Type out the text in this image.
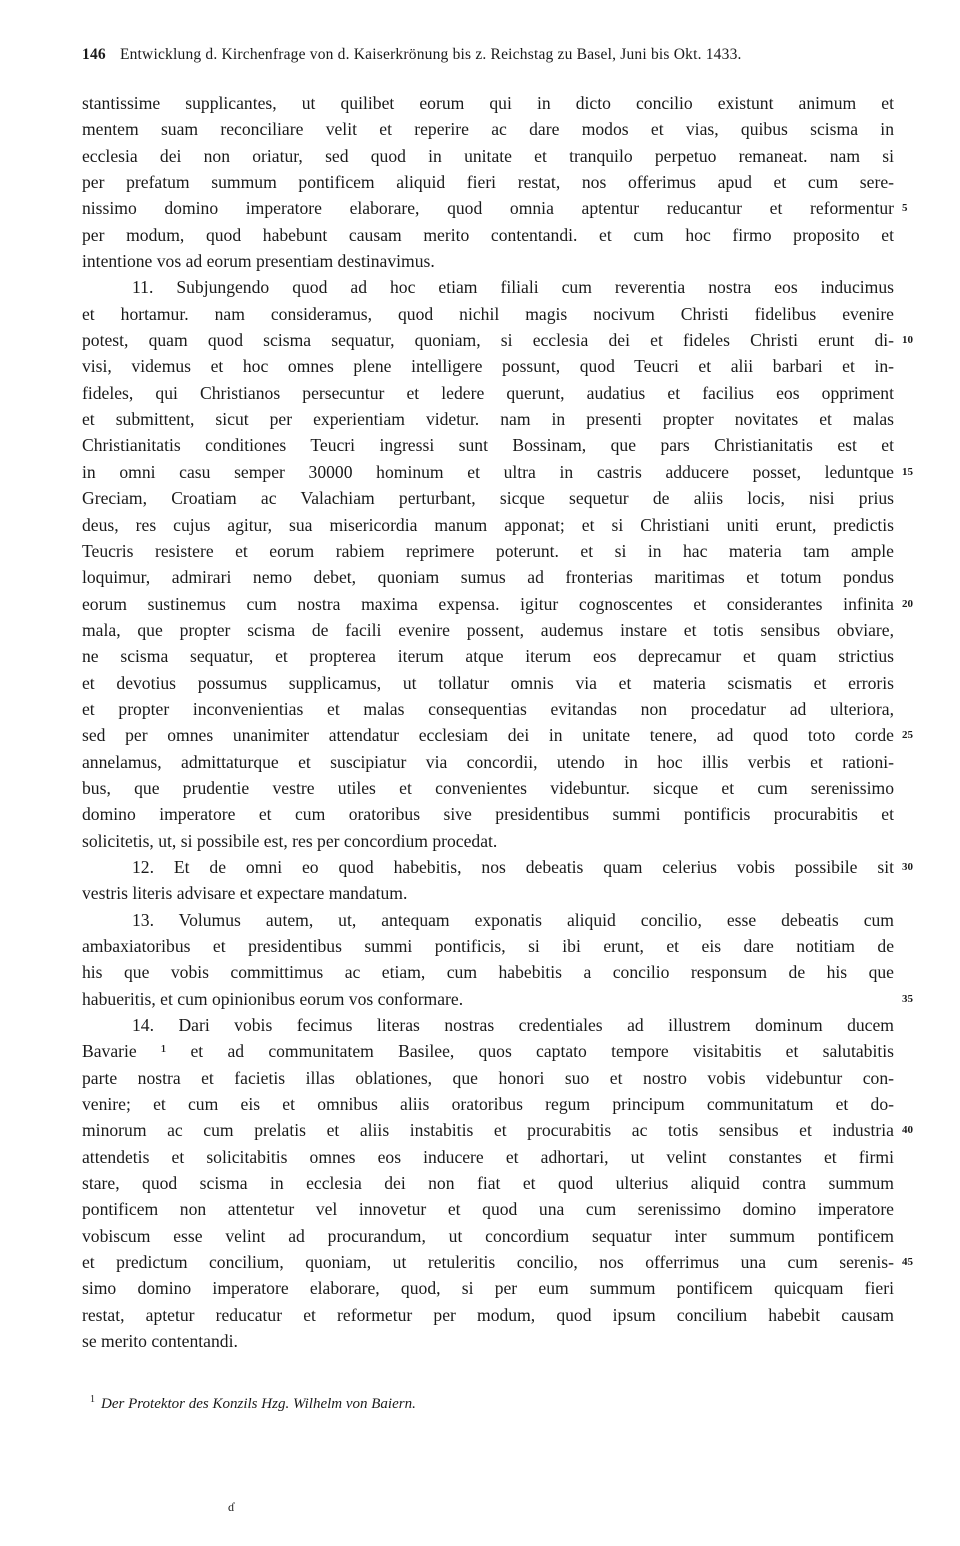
146 Entwicklung d. Kirchenfrage von d. Kaiserkrönung bis z. Reichstag zu Basel, Juni bis Okt. 1433.
stantissime supplicantes, ut quilibet eorum qui in dicto concilio existunt animum et
mentem suam reconciliare velit et reperire ac dare modos et vias, quibus scisma in
ecclesia dei non oriatur, sed quod in unitate et tranquilo perpetuo remaneat. nam si
per prefatum summum pontificem aliquid fieri restat, nos offerimus apud et cum sere-
nissimo domino imperatore elaborare, quod omnia aptentur reducantur et reformentur 5
per modum, quod habebunt causam merito contentandi. et cum hoc firmo proposito et
intentione vos ad eorum presentiam destinavimus.
11. Subjungendo quod ad hoc etiam filiali cum reverentia nostra eos inducimus
et hortamur. nam consideramus, quod nichil magis nocivum Christi fidelibus evenire
potest, quam quod scisma sequatur, quoniam, si ecclesia dei et fideles Christi erunt di- 10
visi, videmus et hoc omnes plene intelligere possunt, quod Teucri et alii barbari et in-
fideles, qui Christianos persecuntur et ledere querunt, audatius et facilius eos oppriment
et submittent, sicut per experientiam videtur. nam in presenti propter novitates et malas
Christianitatis conditiones Teucri ingressi sunt Bossinam, que pars Christianitatis est et
in omni casu semper 30000 hominum et ultra in castris adducere posset, leduntque 15
Greciam, Croatiam ac Valachiam perturbant, sicque sequetur de aliis locis, nisi prius
deus, res cujus agitur, sua misericordia manum apponat; et si Christiani uniti erunt, predictis
Teucris resistere et eorum rabiem reprimere poterunt. et si in hac materia tam ample
loquimur, admirari nemo debet, quoniam sumus ad fronterias maritimas et totum pondus
eorum sustinemus cum nostra maxima expensa. igitur cognoscentes et considerantes infinita 20
mala, que propter scisma de facili evenire possent, audemus instare et totis sensibus obviare,
ne scisma sequatur, et propterea iterum atque iterum eos deprecamur et quam strictius
et devotius possumus supplicamus, ut tollatur omnis via et materia scismatis et erroris
et propter inconvenientias et malas consequentias evitandas non procedatur ad ulteriora,
sed per omnes unanimiter attendatur ecclesiam dei in unitate tenere, ad quod toto corde 25
annelamus, admittaturque et suscipiatur via concordii, utendo in hoc illis verbis et rationi-
bus, que prudentie vestre utiles et convenientes videbuntur. sicque et cum serenissimo
domino imperatore et cum oratoribus sive presidentibus summi pontificis procurabitis et
solicitetis, ut, si possibile est, res per concordium procedat.
12. Et de omni eo quod habebitis, nos debeatis quam celerius vobis possibile sit 30
vestris literis advisare et expectare mandatum.
13. Volumus autem, ut, antequam exponatis aliquid concilio, esse debeatis cum
ambaxiatoribus et presidentibus summi pontificis, si ibi erunt, et eis dare notitiam de
his que vobis committimus ac etiam, cum habebitis a concilio responsum de his que
habueritis, et cum opinionibus eorum vos conformare.	35
14. Dari vobis fecimus literas nostras credentiales ad illustrem dominum ducem
Bavarie ¹ et ad communitatem Basilee, quos captato tempore visitabitis et salutabitis
parte nostra et facietis illas oblationes, que honori suo et nostro vobis videbuntur con-
venire; et cum eis et omnibus aliis oratoribus regum principum communitatum et do-
minorum ac cum prelatis et aliis instabitis et procurabitis ac totis sensibus et industria 40
attendetis et solicitabitis omnes eos inducere et adhortari, ut velint constantes et firmi
stare, quod scisma in ecclesia dei non fiat et quod ulterius aliquid contra summum
pontificem non attentetur vel innovetur et quod una cum serenissimo domino imperatore
vobiscum esse velint ad procurandum, ut concordium sequatur inter summum pontificem
et predictum concilium, quoniam, ut retuleritis concilio, nos offerrimus una cum serenis- 45
simo domino imperatore elaborare, quod, si per eum summum pontificem quicquam fieri
restat, aptetur reducatur et reformetur per modum, quod ipsum concilium habebit causam
se merito contentandi.
$^1$ Der Protektor des Konzils Hzg. Wilhelm von Baiern.
ɗ
